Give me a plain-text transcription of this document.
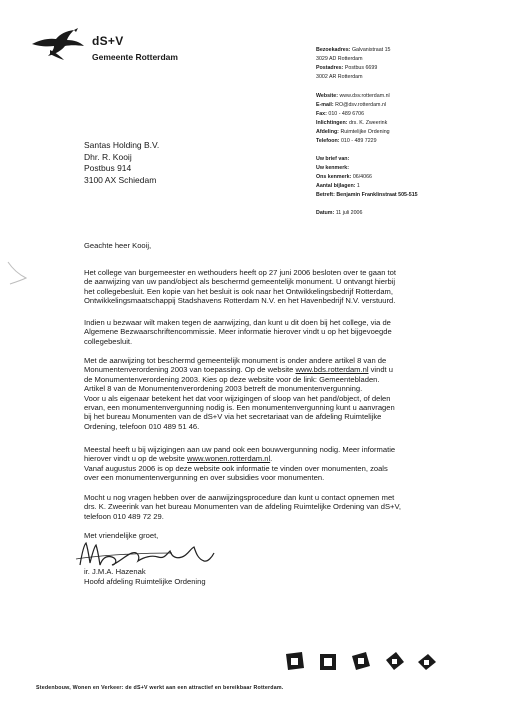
dS+V
Gemeente Rotterdam
Bezoekadres: Galvanistraat 15
3029 AD Rotterdam
Postadres: Postbus 6699
3002 AR Rotterdam
Website: www.dsv.rotterdam.nl
E-mail: RO@dsv.rotterdam.nl
Fax: 010 - 489 6706
Inlichtingen: drs. K. Zweerink
Afdeling: Ruimtelijke Ordening
Telefoon: 010 - 489 7229
Uw brief van:
Uw kenmerk:
Ons kenmerk: 06/4066
Aantal bijlagen: 1
Betreft: Benjamin Franklinstraat 505-515
Datum: 11 juli 2006
Santas Holding B.V.
Dhr. R. Kooij
Postbus 914
3100 AX Schiedam
Geachte heer Kooij,

Het college van burgemeester en wethouders heeft op 27 juni 2006 besloten over te gaan tot

de aanwijzing van uw pand/object als beschermd gemeentelijk monument. U ontvangt hierbij

het collegebesluit. Een kopie van het besluit is ook naar het Ontwikkelingsbedrijf Rotterdam,

Ontwikkelingsmaatschappij Stadshavens Rotterdam N.V. en het Havenbedrijf N.V. verstuurd.

Indien u bezwaar wilt maken tegen de aanwijzing, dan kunt u dit doen bij het college, via de

Algemene Bezwaarschriftencommissie. Meer informatie hierover vindt u op het bijgevoegde

collegebesluit.

Met de aanwijzing tot beschermd gemeentelijk monument is onder andere artikel 8 van de

Monumentenverordening 2003 van toepassing. Op de website www.bds.rotterdam.nl vindt u

de Monumentenverordening 2003. Kies op deze website voor de link: Gemeentebladen.

Artikel 8 van de Monumentenverordening 2003 betreft de monumentenvergunning.

Voor u als eigenaar betekent het dat voor wijzigingen of sloop van het pand/object, of delen

ervan, een monumentenvergunning nodig is. Een monumentenvergunning kunt u aanvragen

bij het bureau Monumenten van de dS+V via het secretariaat van de afdeling Ruimtelijke

Ordening, telefoon 010 489 51 46.

Meestal heeft u bij wijzigingen aan uw pand ook een bouwvergunning nodig. Meer informatie

hierover vindt u op de website www.wonen.rotterdam.nl.

Vanaf augustus 2006 is op deze website ook informatie te vinden over monumenten, zoals

over een monumentenvergunning en over subsidies voor monumenten.

Mocht u nog vragen hebben over de aanwijzingsprocedure dan kunt u contact opnemen met

drs. K. Zweerink van het bureau Monumenten van de afdeling Ruimtelijke Ordening van dS+V,

telefoon 010 489 72 29.

Met vriendelijke groet,
ir. J.M.A. Hazenak
Hoofd afdeling Ruimtelijke Ordening
Stedenbouw, Wonen en Verkeer: de dS+V werkt aan een attractief en bereikbaar Rotterdam.
